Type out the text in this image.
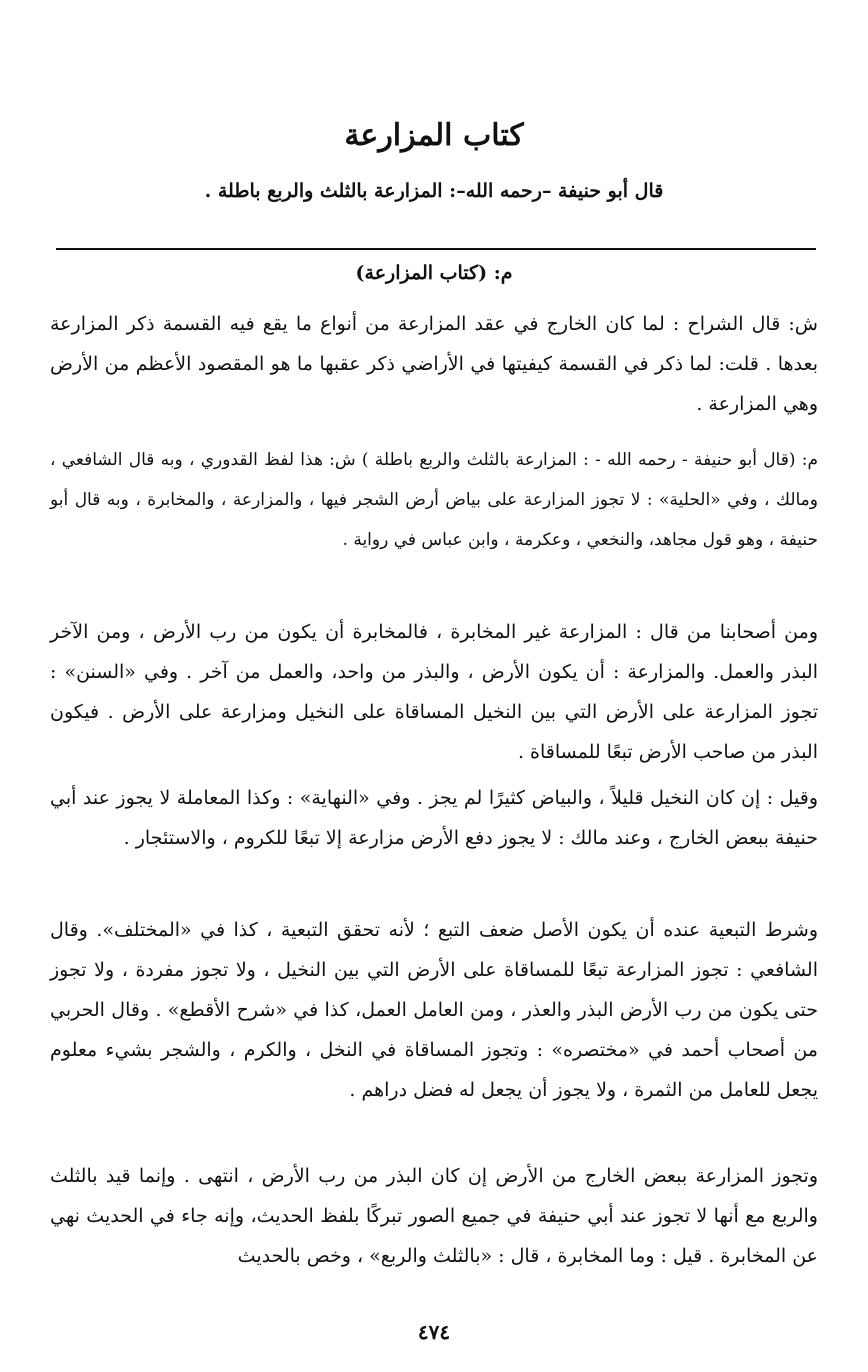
كتاب المزارعة
قال أبو حنيفة –رحمه الله–: المزارعة بالثلث والربع باطلة .
م: (كتاب المزارعة)

ش: قال الشراح : لما كان الخارج في عقد المزارعة من أنواع ما يقع فيه القسمة ذكر المزارعة بعدها . قلت: لما ذكر في القسمة كيفيتها في الأراضي ذكر عقبها ما هو المقصود الأعظم من الأرض وهي المزارعة .

م: (قال أبو حنيفة - رحمه الله - : المزارعة بالثلث والربع باطلة ) ش: هذا لفظ القدوري ، وبه قال الشافعي ، ومالك ، وفي «الحلية» : لا تجوز المزارعة على بياض أرض الشجر فيها ، والمزارعة ، والمخابرة ، وبه قال أبو حنيفة ، وهو قول مجاهد، والنخعي ، وعكرمة ، وابن عباس في رواية .

ومن أصحابنا من قال : المزارعة غير المخابرة ، فالمخابرة أن يكون من رب الأرض ، ومن الآخر البذر والعمل. والمزارعة : أن يكون الأرض ، والبذر من واحد، والعمل من آخر . وفي «السنن» : تجوز المزارعة على الأرض التي بين النخيل المساقاة على النخيل ومزارعة على الأرض . فيكون البذر من صاحب الأرض تبعًا للمساقاة .

وقيل : إن كان النخيل قليلاً ، والبياض كثيرًا لم يجز . وفي «النهاية» : وكذا المعاملة لا يجوز عند أبي حنيفة ببعض الخارج ، وعند مالك : لا يجوز دفع الأرض مزارعة إلا تبعًا للكروم ، والاستئجار .

وشرط التبعية عنده أن يكون الأصل ضعف التبع ؛ لأنه تحقق التبعية ، كذا في «المختلف». وقال الشافعي : تجوز المزارعة تبعًا للمساقاة على الأرض التي بين النخيل ، ولا تجوز مفردة ، ولا تجوز حتى يكون من رب الأرض البذر والعذر ، ومن العامل العمل، كذا في «شرح الأقطع» . وقال الحربي من أصحاب أحمد في «مختصره» : وتجوز المساقاة في النخل ، والكرم ، والشجر بشيء معلوم يجعل للعامل من الثمرة ، ولا يجوز أن يجعل له فضل دراهم .

وتجوز المزارعة ببعض الخارج من الأرض إن كان البذر من رب الأرض ، انتهى . وإنما قيد بالثلث والربع مع أنها لا تجوز عند أبي حنيفة في جميع الصور تبركًا بلفظ الحديث، وإنه جاء في الحديث نهي عن المخابرة . قيل : وما المخابرة ، قال : «بالثلث والربع» ، وخص بالحديث

٤٧٤
